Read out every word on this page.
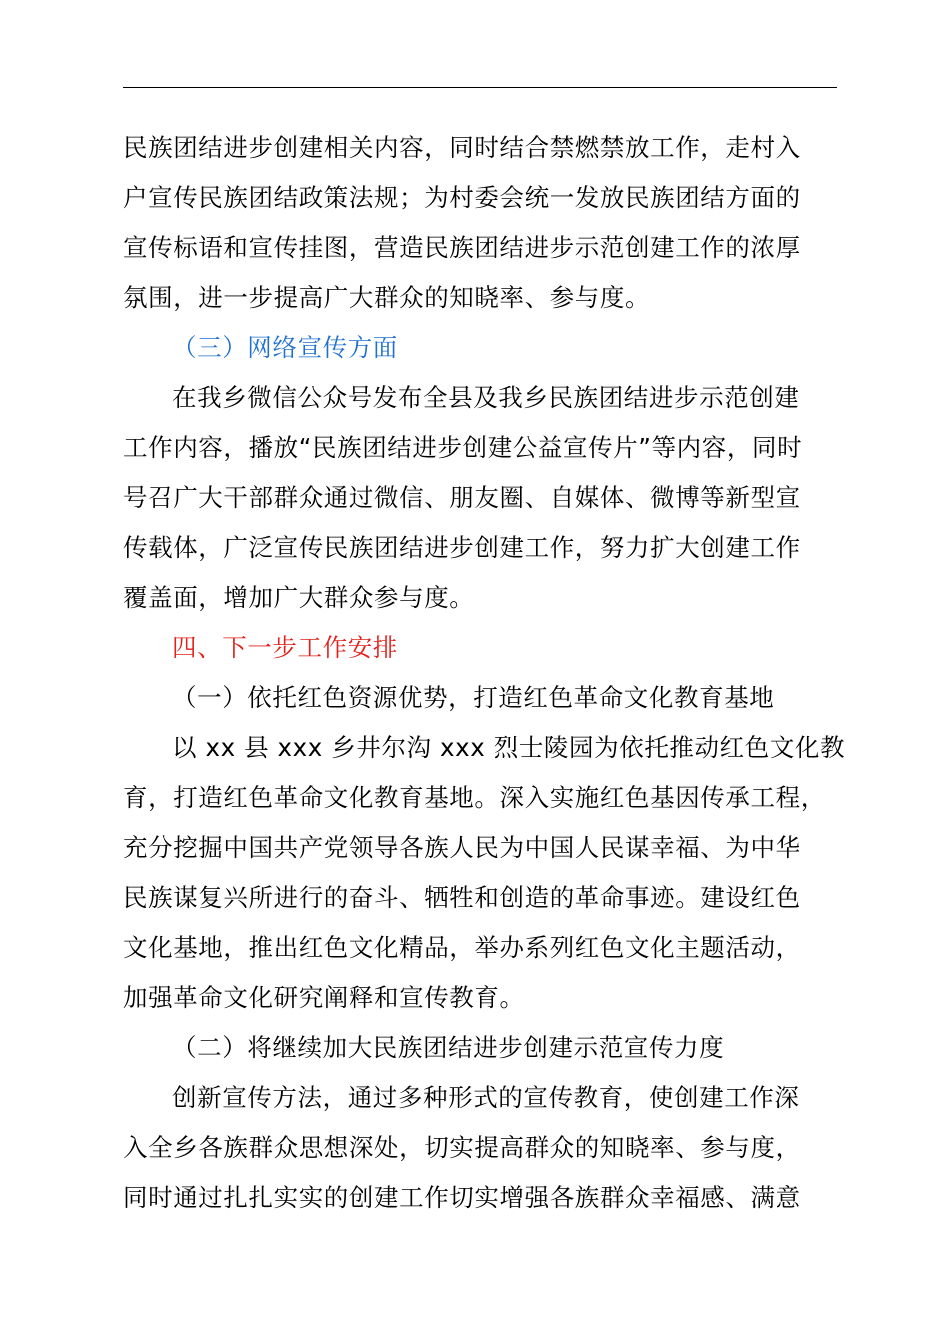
民族团结进步创建相关内容，同时结合禁燃禁放工作，走村入
户宣传民族团结政策法规；为村委会统一发放民族团结方面的
宣传标语和宣传挂图，营造民族团结进步示范创建工作的浓厚
氛围，进一步提高广大群众的知晓率、参与度。
（三）网络宣传方面
在我乡微信公众号发布全县及我乡民族团结进步示范创建
工作内容，播放“民族团结进步创建公益宣传片”等内容，同时
号召广大干部群众通过微信、朋友圈、自媒体、微博等新型宣
传载体，广泛宣传民族团结进步创建工作，努力扩大创建工作
覆盖面，增加广大群众参与度。
四、下一步工作安排
（一）依托红色资源优势，打造红色革命文化教育基地
以 xx 县 xxx 乡井尔沟 xxx 烈士陵园为依托推动红色文化教
育，打造红色革命文化教育基地。深入实施红色基因传承工程，
充分挖掘中国共产党领导各族人民为中国人民谋幸福、为中华
民族谋复兴所进行的奋斗、牺牲和创造的革命事迹。建设红色
文化基地，推出红色文化精品，举办系列红色文化主题活动，
加强革命文化研究阐释和宣传教育。
（二）将继续加大民族团结进步创建示范宣传力度
创新宣传方法，通过多种形式的宣传教育，使创建工作深
入全乡各族群众思想深处，切实提高群众的知晓率、参与度，
同时通过扎扎实实的创建工作切实增强各族群众幸福感、满意
